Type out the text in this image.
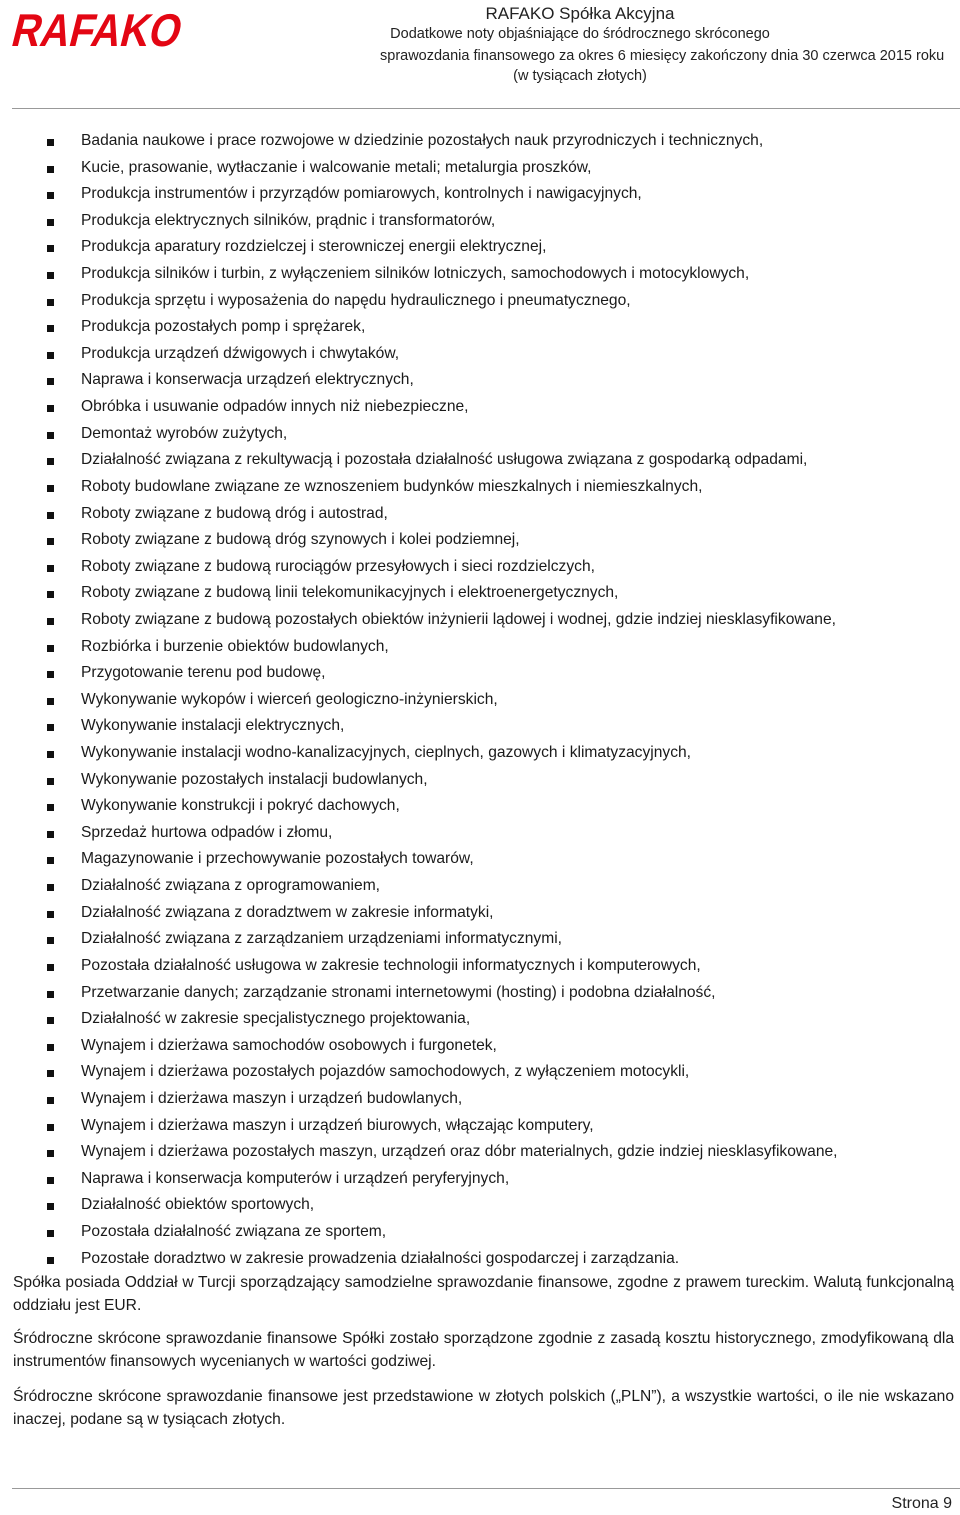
RAFAKO	RAFAKO Spółka Akcyjna
Dodatkowe noty objaśniające do śródrocznego skróconego
sprawozdania finansowego za okres 6 miesięcy zakończony dnia 30 czerwca 2015 roku
(w tysiącach złotych)
Badania naukowe i prace rozwojowe w dziedzinie pozostałych nauk przyrodniczych i technicznych,
Kucie, prasowanie, wytłaczanie i walcowanie metali; metalurgia proszków,
Produkcja instrumentów i przyrządów pomiarowych, kontrolnych i nawigacyjnych,
Produkcja elektrycznych silników, prądnic i transformatorów,
Produkcja aparatury rozdzielczej i sterowniczej energii elektrycznej,
Produkcja silników i turbin, z wyłączeniem silników lotniczych, samochodowych i motocyklowych,
Produkcja sprzętu i wyposażenia do napędu hydraulicznego i pneumatycznego,
Produkcja pozostałych pomp i sprężarek,
Produkcja urządzeń dźwigowych i chwytaków,
Naprawa i konserwacja urządzeń elektrycznych,
Obróbka i usuwanie odpadów innych niż niebezpieczne,
Demontaż wyrobów zużytych,
Działalność związana z rekultywacją i pozostała działalność usługowa związana z gospodarką odpadami,
Roboty budowlane związane ze wznoszeniem budynków mieszkalnych i niemieszkalnych,
Roboty związane z budową dróg i autostrad,
Roboty związane z budową dróg szynowych i kolei podziemnej,
Roboty związane z budową rurociągów przesyłowych i sieci rozdzielczych,
Roboty związane z budową linii telekomunikacyjnych i elektroenergetycznych,
Roboty związane z budową pozostałych obiektów inżynierii lądowej i wodnej, gdzie indziej niesklasyfikowane,
Rozbiórka i burzenie obiektów budowlanych,
Przygotowanie terenu pod budowę,
Wykonywanie wykopów i wierceń geologiczno-inżynierskich,
Wykonywanie instalacji elektrycznych,
Wykonywanie instalacji wodno-kanalizacyjnych, cieplnych, gazowych i klimatyzacyjnych,
Wykonywanie pozostałych instalacji budowlanych,
Wykonywanie konstrukcji i pokryć dachowych,
Sprzedaż hurtowa odpadów i złomu,
Magazynowanie i przechowywanie pozostałych towarów,
Działalność związana z oprogramowaniem,
Działalność związana z doradztwem w zakresie informatyki,
Działalność związana z zarządzaniem urządzeniami informatycznymi,
Pozostała działalność usługowa w zakresie technologii informatycznych i komputerowych,
Przetwarzanie danych; zarządzanie stronami internetowymi (hosting) i podobna działalność,
Działalność w zakresie specjalistycznego projektowania,
Wynajem i dzierżawa samochodów osobowych i furgonetek,
Wynajem i dzierżawa pozostałych pojazdów samochodowych, z wyłączeniem motocykli,
Wynajem i dzierżawa maszyn i urządzeń budowlanych,
Wynajem i dzierżawa maszyn i urządzeń biurowych, włączając komputery,
Wynajem i dzierżawa pozostałych maszyn, urządzeń oraz dóbr materialnych, gdzie indziej niesklasyfikowane,
Naprawa i konserwacja komputerów i urządzeń peryferyjnych,
Działalność obiektów sportowych,
Pozostała działalność związana ze sportem,
Pozostałe doradztwo w zakresie prowadzenia działalności gospodarczej i zarządzania.

Spółka posiada Oddział w Turcji sporządzający samodzielne sprawozdanie finansowe, zgodne z prawem tureckim. Walutą funkcjonalną oddziału jest EUR.

Śródroczne skrócone sprawozdanie finansowe Spółki zostało sporządzone zgodnie z zasadą kosztu historycznego, zmodyfikowaną dla instrumentów finansowych wycenianych w wartości godziwej.

Śródroczne skrócone sprawozdanie finansowe jest przedstawione w złotych polskich („PLN”), a wszystkie wartości, o ile nie wskazano inaczej, podane są w tysiącach złotych.

Strona 9
